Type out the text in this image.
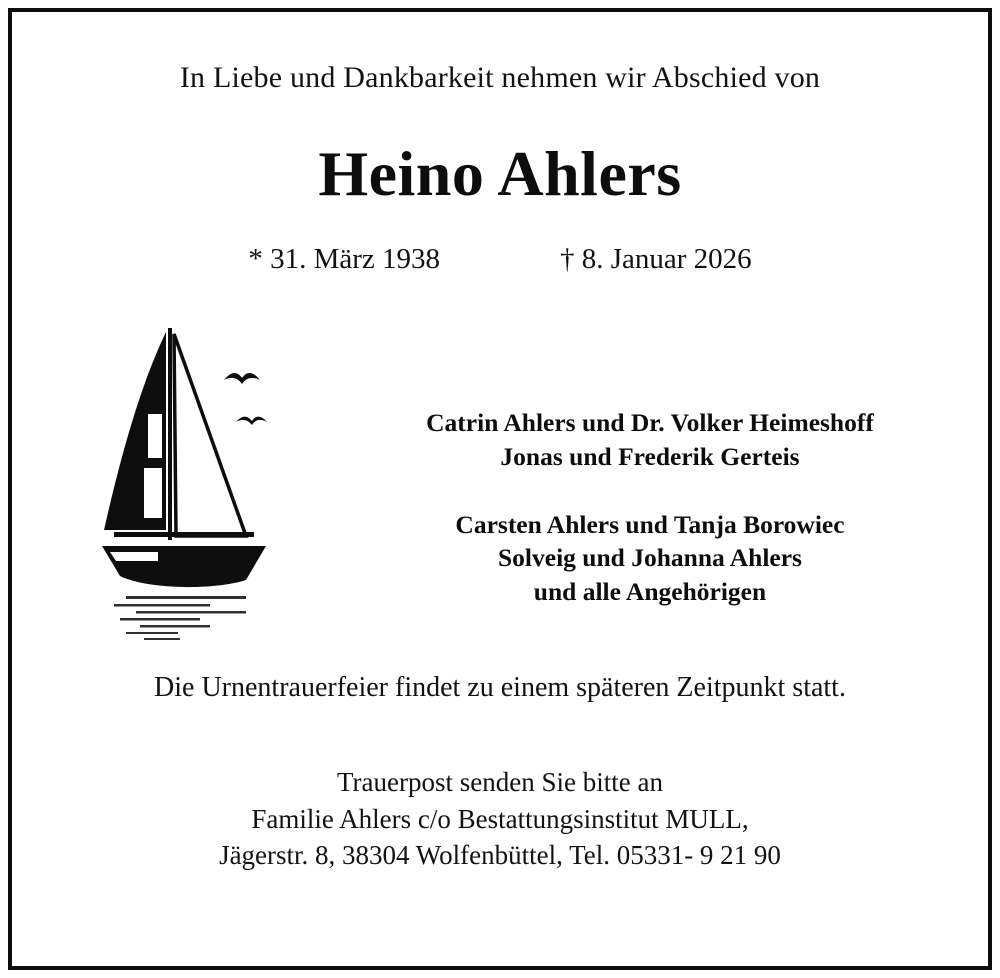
In Liebe und Dankbarkeit nehmen wir Abschied von
Heino Ahlers
* 31. März 1938	† 8. Januar 2026
Catrin Ahlers und Dr. Volker Heimeshoff
Jonas und Frederik Gerteis
Carsten Ahlers und Tanja Borowiec
Solveig und Johanna Ahlers
und alle Angehörigen
Die Urnentrauerfeier findet zu einem späteren Zeitpunkt statt.
Trauerpost senden Sie bitte an
Familie Ahlers c/o Bestattungsinstitut MULL,
Jägerstr. 8, 38304 Wolfenbüttel, Tel. 05331- 9 21 90
